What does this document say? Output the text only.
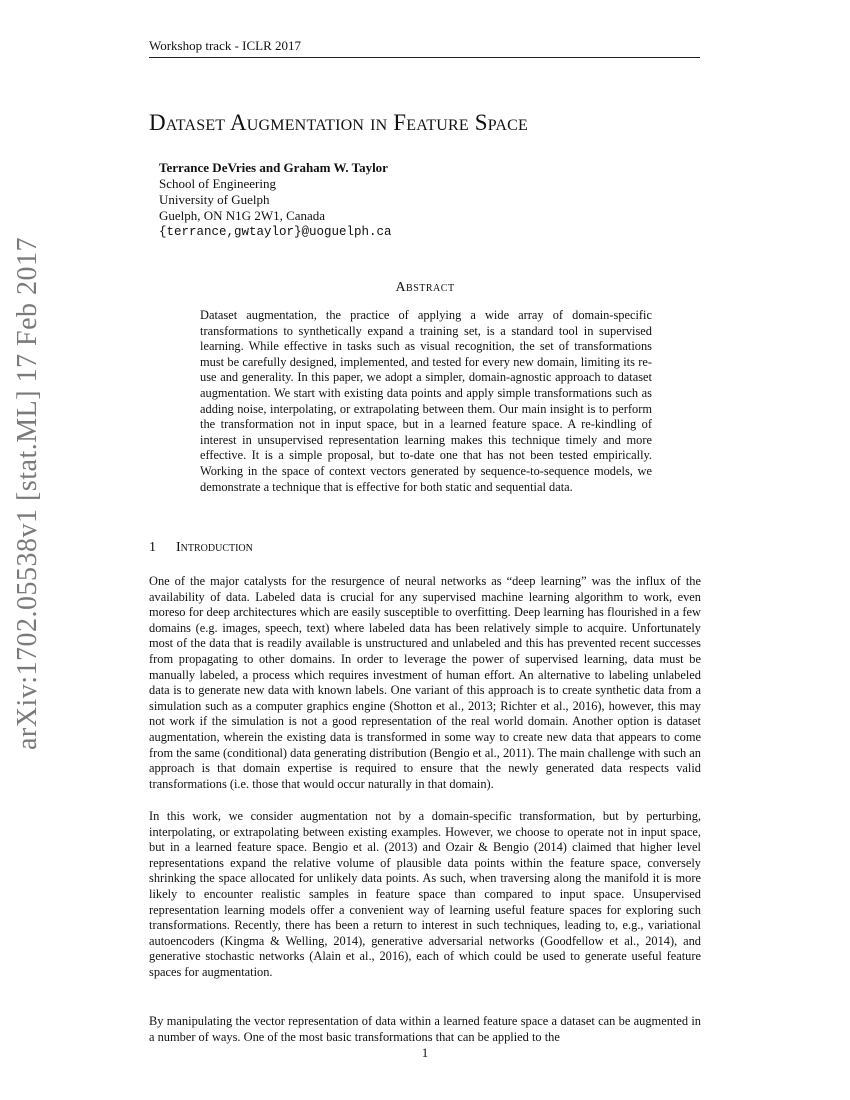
Workshop track - ICLR 2017
Dataset Augmentation in Feature Space
Terrance DeVries and Graham W. Taylor
School of Engineering
University of Guelph
Guelph, ON N1G 2W1, Canada
{terrance,gwtaylor}@uoguelph.ca
Abstract
Dataset augmentation, the practice of applying a wide array of domain-specific transformations to synthetically expand a training set, is a standard tool in supervised learning. While effective in tasks such as visual recognition, the set of transformations must be carefully designed, implemented, and tested for every new domain, limiting its re-use and generality. In this paper, we adopt a simpler, domain-agnostic approach to dataset augmentation. We start with existing data points and apply simple transformations such as adding noise, interpolating, or extrapolating between them. Our main insight is to perform the transformation not in input space, but in a learned feature space. A re-kindling of interest in unsupervised representation learning makes this technique timely and more effective. It is a simple proposal, but to-date one that has not been tested empirically. Working in the space of context vectors generated by sequence-to-sequence models, we demonstrate a technique that is effective for both static and sequential data.
1 Introduction

One of the major catalysts for the resurgence of neural networks as “deep learning” was the influx of the availability of data. Labeled data is crucial for any supervised machine learning algorithm to work, even moreso for deep architectures which are easily susceptible to overfitting. Deep learning has flourished in a few domains (e.g. images, speech, text) where labeled data has been relatively simple to acquire. Unfortunately most of the data that is readily available is unstructured and unlabeled and this has prevented recent successes from propagating to other domains. In order to leverage the power of supervised learning, data must be manually labeled, a process which requires investment of human effort. An alternative to labeling unlabeled data is to generate new data with known labels. One variant of this approach is to create synthetic data from a simulation such as a computer graphics engine (Shotton et al., 2013; Richter et al., 2016), however, this may not work if the simulation is not a good representation of the real world domain. Another option is dataset augmentation, wherein the existing data is transformed in some way to create new data that appears to come from the same (conditional) data generating distribution (Bengio et al., 2011). The main challenge with such an approach is that domain expertise is required to ensure that the newly generated data respects valid transformations (i.e. those that would occur naturally in that domain).

In this work, we consider augmentation not by a domain-specific transformation, but by perturbing, interpolating, or extrapolating between existing examples. However, we choose to operate not in input space, but in a learned feature space. Bengio et al. (2013) and Ozair & Bengio (2014) claimed that higher level representations expand the relative volume of plausible data points within the feature space, conversely shrinking the space allocated for unlikely data points. As such, when traversing along the manifold it is more likely to encounter realistic samples in feature space than compared to input space. Unsupervised representation learning models offer a convenient way of learning useful feature spaces for exploring such transformations. Recently, there has been a return to interest in such techniques, leading to, e.g., variational autoencoders (Kingma & Welling, 2014), generative adversarial networks (Goodfellow et al., 2014), and generative stochastic networks (Alain et al., 2016), each of which could be used to generate useful feature spaces for augmentation.

By manipulating the vector representation of data within a learned feature space a dataset can be augmented in a number of ways. One of the most basic transformations that can be applied to the

1
arXiv:1702.05538v1 [stat.ML] 17 Feb 2017
